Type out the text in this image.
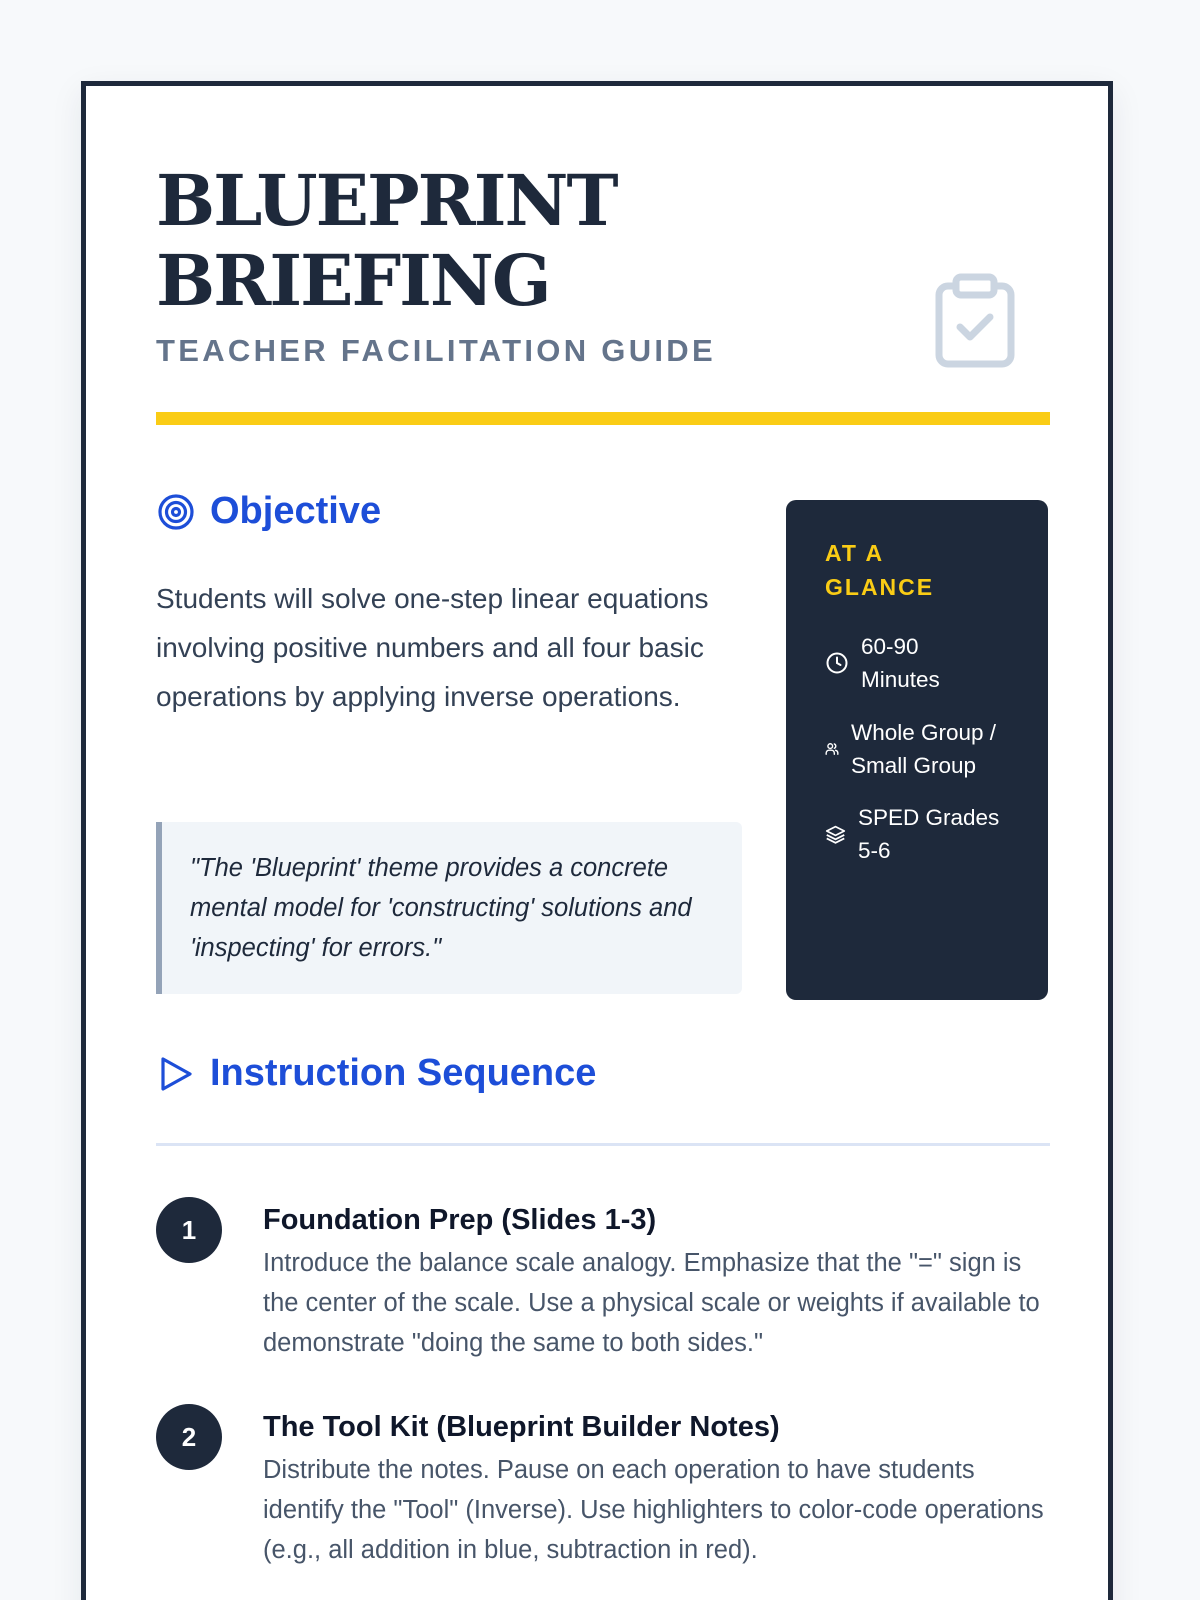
BLUEPRINT
BRIEFING
TEACHER FACILITATION GUIDE
Objective

Students will solve one-step linear equations involving positive numbers and all four basic operations by applying inverse operations.

"The 'Blueprint' theme provides a concrete mental model for 'constructing' solutions and 'inspecting' for errors."

AT A GLANCE
60-90 Minutes
Whole Group / Small Group
SPED Grades 5-6
Instruction Sequence
1	Foundation Prep (Slides 1-3)

Introduce the balance scale analogy. Emphasize that the "=" sign is the center of the scale. Use a physical scale or weights if available to demonstrate "doing the same to both sides."

2	The Tool Kit (Blueprint Builder Notes)

Distribute the notes. Pause on each operation to have students identify the "Tool" (Inverse). Use highlighters to color-code operations (e.g., all addition in blue, subtraction in red).
